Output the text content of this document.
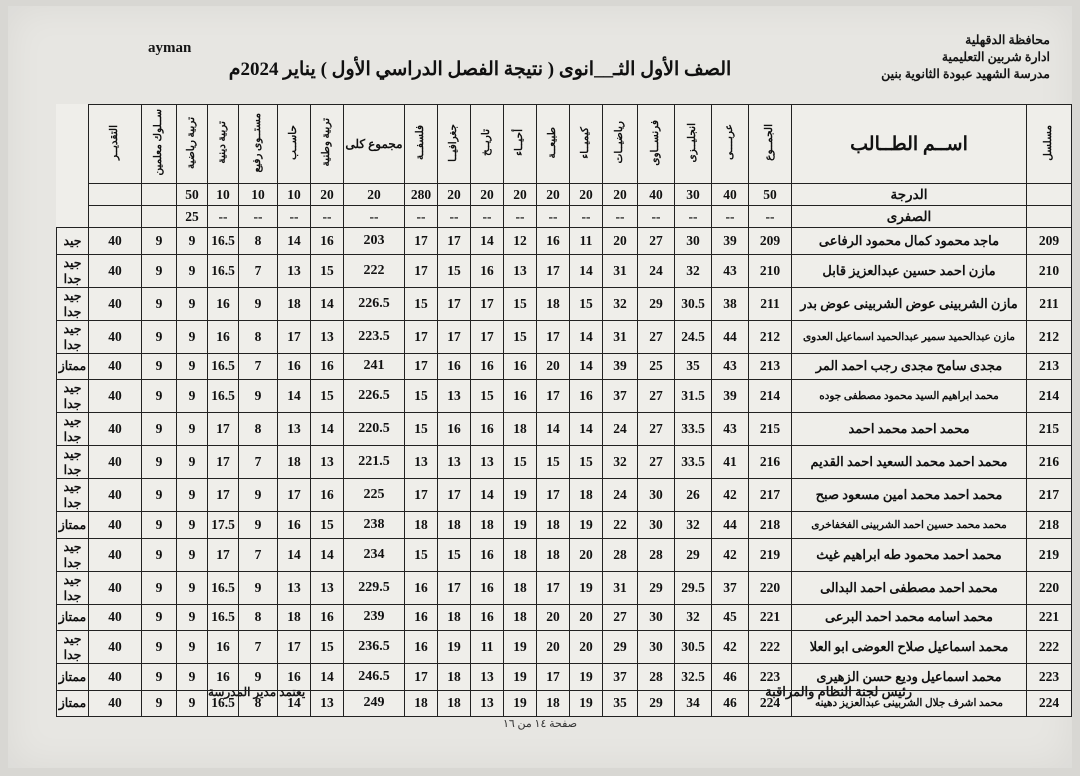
ayman	محافظة الدقهلية
ادارة شربين التعليمية
مدرسة الشهيد عبودة الثانوية بنين
الصف الأول الثـ__انوى ( نتيجة الفصل الدراسي الأول ) يناير 2024م
مسلسل	اســم الطــالب	الجمــوع	عربــــى	انجليــزى	فرنســاوى	رياضيــات	كيميــاء	طبيعــة	أحيــاء	تاريــخ	جغرافيــا	فلسفــة	مجموع كلى	تربية وطنية	حاســب	مستــوى رفيع	تربية دينية	تربية رياضية	ســلوك معلمين	التقديــر	
	الدرجة	50	40	30	40	20	20	20	20	20	20	280	20	20	10	10	10	50			
	الصفرى	--	--	--	--	--	--	--	--	--	--	--	--	--	--	--	--	25			
209	ماجد محمود كمال محمود الرفاعى	209	39	30	27	20	11	16	12	14	17	17	203	16	14	8	16.5	9	9	40	جيد
210	مازن احمد حسين عبدالعزيز قابل	210	43	32	24	31	14	17	13	16	15	17	222	15	13	7	16.5	9	9	40	جيد جدا
211	مازن الشربينى عوض الشربينى عوض بدر	211	38	30.5	29	32	15	18	15	17	17	15	226.5	14	18	9	16	9	9	40	جيد جدا
212	مازن عبدالحميد سمير عبدالحميد اسماعيل العدوى	212	44	24.5	27	31	14	17	15	17	17	17	223.5	13	17	8	16	9	9	40	جيد جدا
213	مجدى سامح مجدى رجب احمد المر	213	43	35	25	39	14	20	16	16	16	17	241	16	16	7	16.5	9	9	40	ممتاز
214	محمد ابراهيم السيد محمود مصطفى جوده	214	39	31.5	27	37	16	17	16	15	13	15	226.5	15	14	9	16.5	9	9	40	جيد جدا
215	محمد احمد محمد احمد	215	43	33.5	27	24	14	14	18	16	16	15	220.5	14	13	8	17	9	9	40	جيد جدا
216	محمد احمد محمد السعيد احمد القديم	216	41	33.5	27	32	15	15	15	13	13	13	221.5	13	18	7	17	9	9	40	جيد جدا
217	محمد احمد محمد امين مسعود صبح	217	42	26	30	24	18	17	19	14	17	17	225	16	17	9	17	9	9	40	جيد جدا
218	محمد محمد حسين احمد الشربينى الفخفاخرى	218	44	32	30	22	19	18	19	18	18	18	238	15	16	9	17.5	9	9	40	ممتاز
219	محمد احمد محمود طه ابراهيم غيث	219	42	29	28	28	20	18	18	16	15	15	234	14	14	7	17	9	9	40	جيد جدا
220	محمد احمد مصطفى احمد البدالى	220	37	29.5	29	31	19	17	18	16	17	16	229.5	13	13	9	16.5	9	9	40	جيد جدا
221	محمد اسامه محمد احمد البرعى	221	45	32	30	27	20	20	18	16	18	16	239	16	18	8	16.5	9	9	40	ممتاز
222	محمد اسماعيل صلاح العوضى ابو العلا	222	42	30.5	30	29	20	20	19	11	19	16	236.5	15	17	7	16	9	9	40	جيد جدا
223	محمد اسماعيل وديع حسن الزهيرى	223	46	32.5	28	37	19	17	19	13	18	17	246.5	14	16	9	16	9	9	40	ممتاز
224	محمد اشرف جلال الشربينى عبدالعزيز دهينه	224	46	34	29	35	19	18	19	13	18	18	249	13	14	8	16.5	9	9	40	ممتاز
رئيس لجنة النظام والمراقبة
يعتمد مدير المدرسة
صفحة ١٤ من ١٦
